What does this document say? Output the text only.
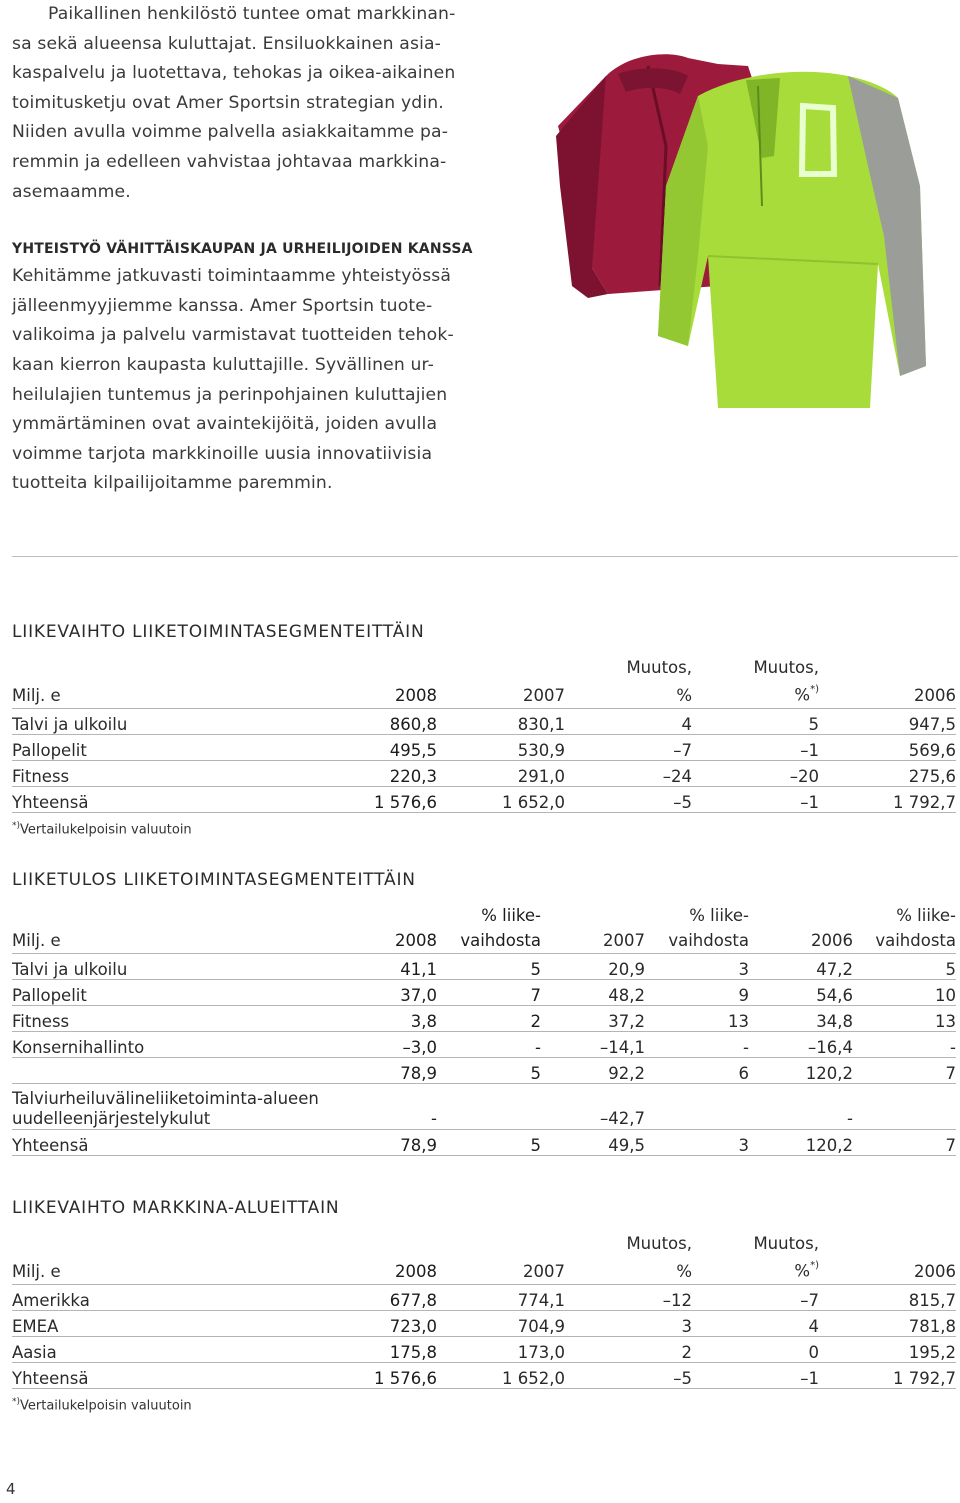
Paikallinen henkilöstö tuntee omat markkinan-
sa sekä alueensa kuluttajat. Ensiluokkainen asia-
kaspalvelu ja luotettava, tehokas ja oikea-aikainen
toimitusketju ovat Amer Sportsin strategian ydin.
Niiden avulla voimme palvella asiakkaitamme pa-
remmin ja edelleen vahvistaa johtavaa markkina-
asemaamme.

YHTEISTYÖ VÄHITTÄISKAUPAN JA URHEILIJOIDEN KANSSA

Kehitämme jatkuvasti toimintaamme yhteistyössä
jälleenmyyjiemme kanssa. Amer Sportsin tuote-
valikoima ja palvelu varmistavat tuotteiden tehok-
kaan kierron kaupasta kuluttajille. Syvällinen ur-
heilulajien tuntemus ja perinpohjainen kuluttajien
ymmärtäminen ovat avaintekijöitä, joiden avulla
voimme tarjota markkinoille uusia innovatiivisia
tuotteita kilpailijoitamme paremmin.

LIIKEVAIHTO LIIKETOIMINTASEGMENTEITTÄIN
			Muutos,	Muutos,	
Milj. e	2008	2007	%	%*)	2006
Talvi ja ulkoilu	860,8	830,1	4	5	947,5
Pallopelit	495,5	530,9	–7	–1	569,6
Fitness	220,3	291,0	–24	–20	275,6
Yhteensä	1 576,6	1 652,0	–5	–1	1 792,7
*)Vertailukelpoisin valuutoin
LIIKETULOS LIIKETOIMINTASEGMENTEITTÄIN
		% liike-		% liike-		% liike-
Milj. e	2008	vaihdosta	2007	vaihdosta	2006	vaihdosta
Talvi ja ulkoilu	41,1	5	20,9	3	47,2	5
Pallopelit	37,0	7	48,2	9	54,6	10
Fitness	3,8	2	37,2	13	34,8	13
Konsernihallinto	–3,0	-	–14,1	-	–16,4	-
	78,9	5	92,2	6	120,2	7
Talviurheiluvälineliiketoiminta-alueen
uudelleenjärjestelykulut	-		–42,7		-	
Yhteensä	78,9	5	49,5	3	120,2	7
LIIKEVAIHTO MARKKINA-ALUEITTAIN
			Muutos,	Muutos,	
Milj. e	2008	2007	%	%*)	2006
Amerikka	677,8	774,1	–12	–7	815,7
EMEA	723,0	704,9	3	4	781,8
Aasia	175,8	173,0	2	0	195,2
Yhteensä	1 576,6	1 652,0	–5	–1	1 792,7
*)Vertailukelpoisin valuutoin
4
